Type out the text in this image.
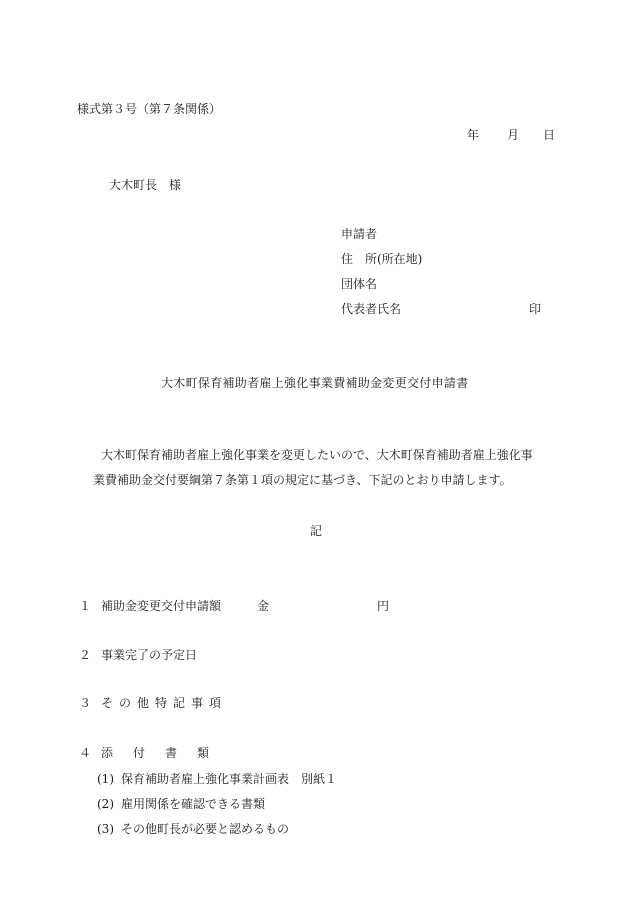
様式第３号（第７条関係）
年 月 日
大木町長　様
申請者
住　所(所在地)
団体名
代表者氏名	印
大木町保育補助者雇上強化事業費補助金変更交付申請書
大木町保育補助者雇上強化事業を変更したいので、大木町保育補助者雇上強化事
業費補助金交付要綱第７条第１項の規定に基づき、下記のとおり申請します。
記
１ 補助金変更交付申請額	金	円
２ 事業完了の予定日
３ その他特記事項
４ 添付書類
(1) 保育補助者雇上強化事業計画表　別紙１
(2) 雇用関係を確認できる書類
(3) その他町長が必要と認めるもの
